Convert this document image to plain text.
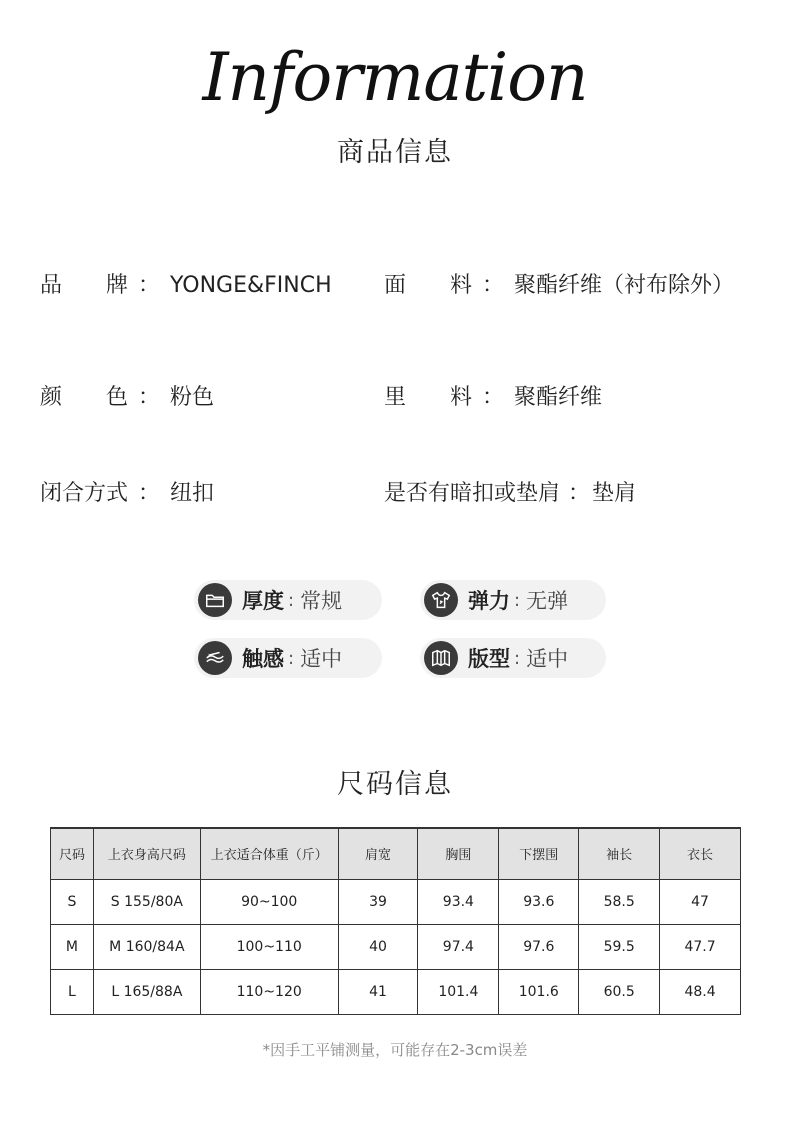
Information
商品信息
品　　牌 ： YONGE&FINCH 面　　料 ： 聚酯纤维（衬布除外）
颜　　色 ： 粉色	里　　料 ： 聚酯纤维
闭合方式 ： 纽扣	是否有暗扣或垫肩 ：垫肩
厚度 : 常规	弹力 : 无弹
触感 : 适中	版型 : 适中
尺码信息
尺码	上衣身高尺码	上衣适合体重（斤）	肩宽	胸围	下摆围	袖长	衣长
S	S 155/80A	90~100	39	93.4	93.6	58.5	47
M	M 160/84A	100~110	40	97.4	97.6	59.5	47.7
L	L 165/88A	110~120	41	101.4	101.6	60.5	48.4
*因手工平铺测量，可能存在2-3cm误差
